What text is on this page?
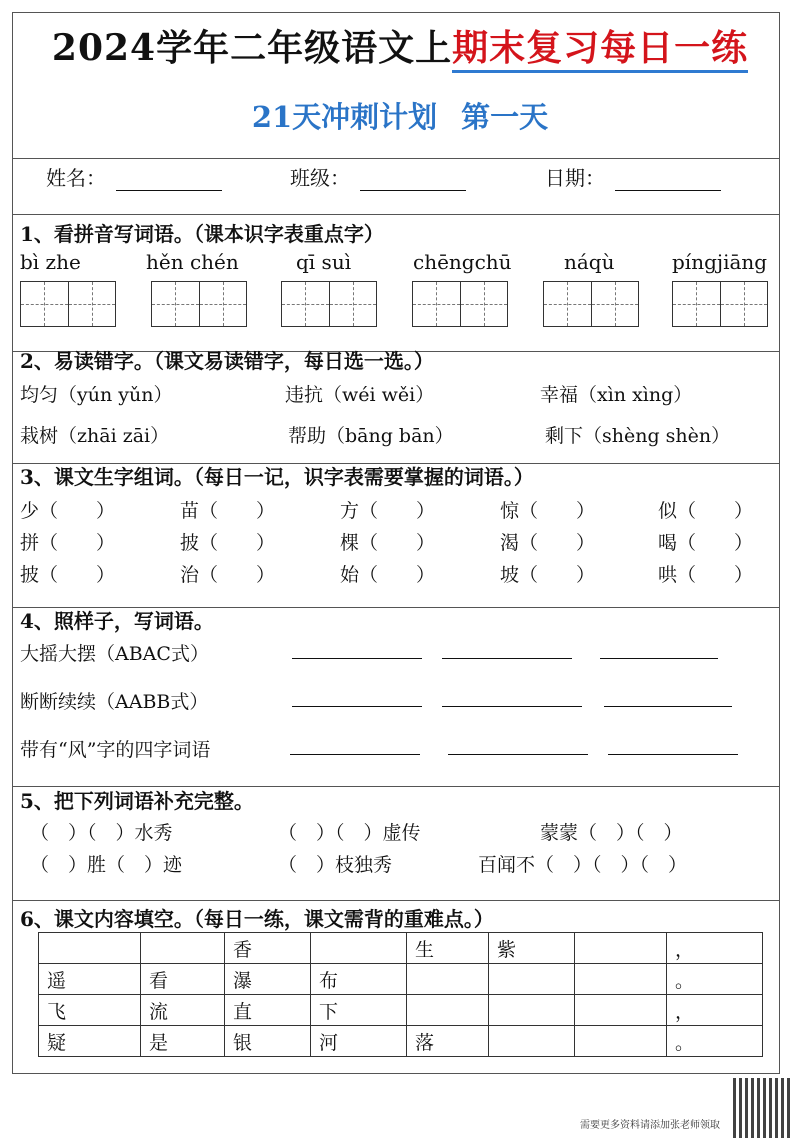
2024学年二年级语文上期末复习每日一练
21天冲刺计划 第一天
姓名：	班级：	日期：
1、看拼音写词语。（课本识字表重点字）
bì zhe	hěn chén	qī suì	chēngchū	náqù	píngjiāng
2、易读错字。（课文易读错字，每日选一选。）
均匀（yún yǔn）	违抗（wéi wěi）	幸福（xìn xìng）
栽树（zhāi zāi）	帮助（bāng bān）	剩下（shèng shèn）
3、课文生字组词。（每日一记，识字表需要掌握的词语。）
少（　　）	苗（　　）	方（　　）	惊（　　）	似（　　）
拼（　　）	披（　　）	棵（　　）	渴（　　）	喝（　　）
披（　　）	治（　　）	始（　　）	坡（　　）	哄（　　）
4、照样子，写词语。
大摇大摆（ABAC式）
断断续续（AABB式）
带有“风”字的四字词语
5、把下列词语补充完整。
（　）（　）水秀	（　）（　）虚传	蒙蒙（　）（　）
（　）胜（　）迹	（　）枝独秀	百闻不（　）（　）（　）
6、课文内容填空。（每日一练，课文需背的重难点。）
		香		生	紫		，
遥	看	瀑	布				。
飞	流	直	下				，
疑	是	银	河	落			。
需要更多资料请添加张老师领取
